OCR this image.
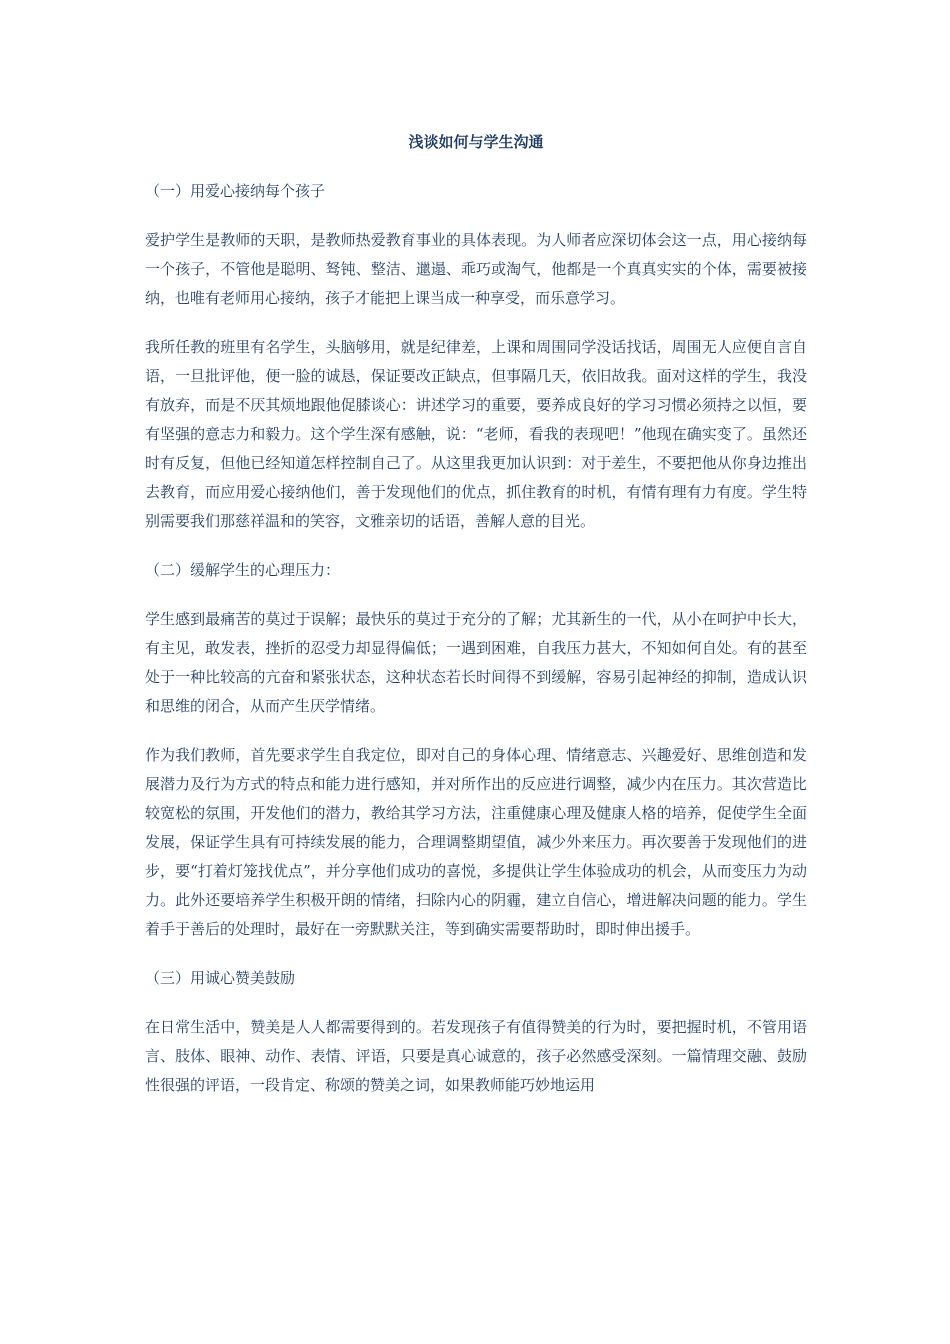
浅谈如何与学生沟通
（一）用爱心接纳每个孩子
爱护学生是教师的天职，是教师热爱教育事业的具体表现。为人师者应深切体会这一点，用心接纳每一个孩子，不管他是聪明、驽钝、整洁、邋遢、乖巧或淘气，他都是一个真真实实的个体，需要被接纳，也唯有老师用心接纳，孩子才能把上课当成一种享受，而乐意学习。
我所任教的班里有名学生，头脑够用，就是纪律差，上课和周围同学没话找话，周围无人应便自言自语，一旦批评他，便一脸的诚恳，保证要改正缺点，但事隔几天，依旧故我。面对这样的学生，我没有放弃，而是不厌其烦地跟他促膝谈心：讲述学习的重要，要养成良好的学习习惯必须持之以恒，要有坚强的意志力和毅力。这个学生深有感触，说：“老师，看我的表现吧！”他现在确实变了。虽然还时有反复，但他已经知道怎样控制自己了。从这里我更加认识到：对于差生，不要把他从你身边推出去教育，而应用爱心接纳他们，善于发现他们的优点，抓住教育的时机，有情有理有力有度。学生特别需要我们那慈祥温和的笑容，文雅亲切的话语，善解人意的目光。
（二）缓解学生的心理压力：
学生感到最痛苦的莫过于误解；最快乐的莫过于充分的了解；尤其新生的一代，从小在呵护中长大，有主见，敢发表，挫折的忍受力却显得偏低；一遇到困难，自我压力甚大，不知如何自处。有的甚至处于一种比较高的亢奋和紧张状态，这种状态若长时间得不到缓解，容易引起神经的抑制，造成认识和思维的闭合，从而产生厌学情绪。
作为我们教师，首先要求学生自我定位，即对自己的身体心理、情绪意志、兴趣爱好、思维创造和发展潜力及行为方式的特点和能力进行感知，并对所作出的反应进行调整，减少内在压力。其次营造比较宽松的氛围，开发他们的潜力，教给其学习方法，注重健康心理及健康人格的培养，促使学生全面发展，保证学生具有可持续发展的能力，合理调整期望值，减少外来压力。再次要善于发现他们的进步，要“打着灯笼找优点”，并分享他们成功的喜悦，多提供让学生体验成功的机会，从而变压力为动力。此外还要培养学生积极开朗的情绪，扫除内心的阴霾，建立自信心，增进解决问题的能力。学生着手于善后的处理时，最好在一旁默默关注，等到确实需要帮助时，即时伸出援手。
（三）用诚心赞美鼓励
在日常生活中，赞美是人人都需要得到的。若发现孩子有值得赞美的行为时，要把握时机，不管用语言、肢体、眼神、动作、表情、评语，只要是真心诚意的，孩子必然感受深刻。一篇情理交融、鼓励性很强的评语，一段肯定、称颂的赞美之词，如果教师能巧妙地运用
